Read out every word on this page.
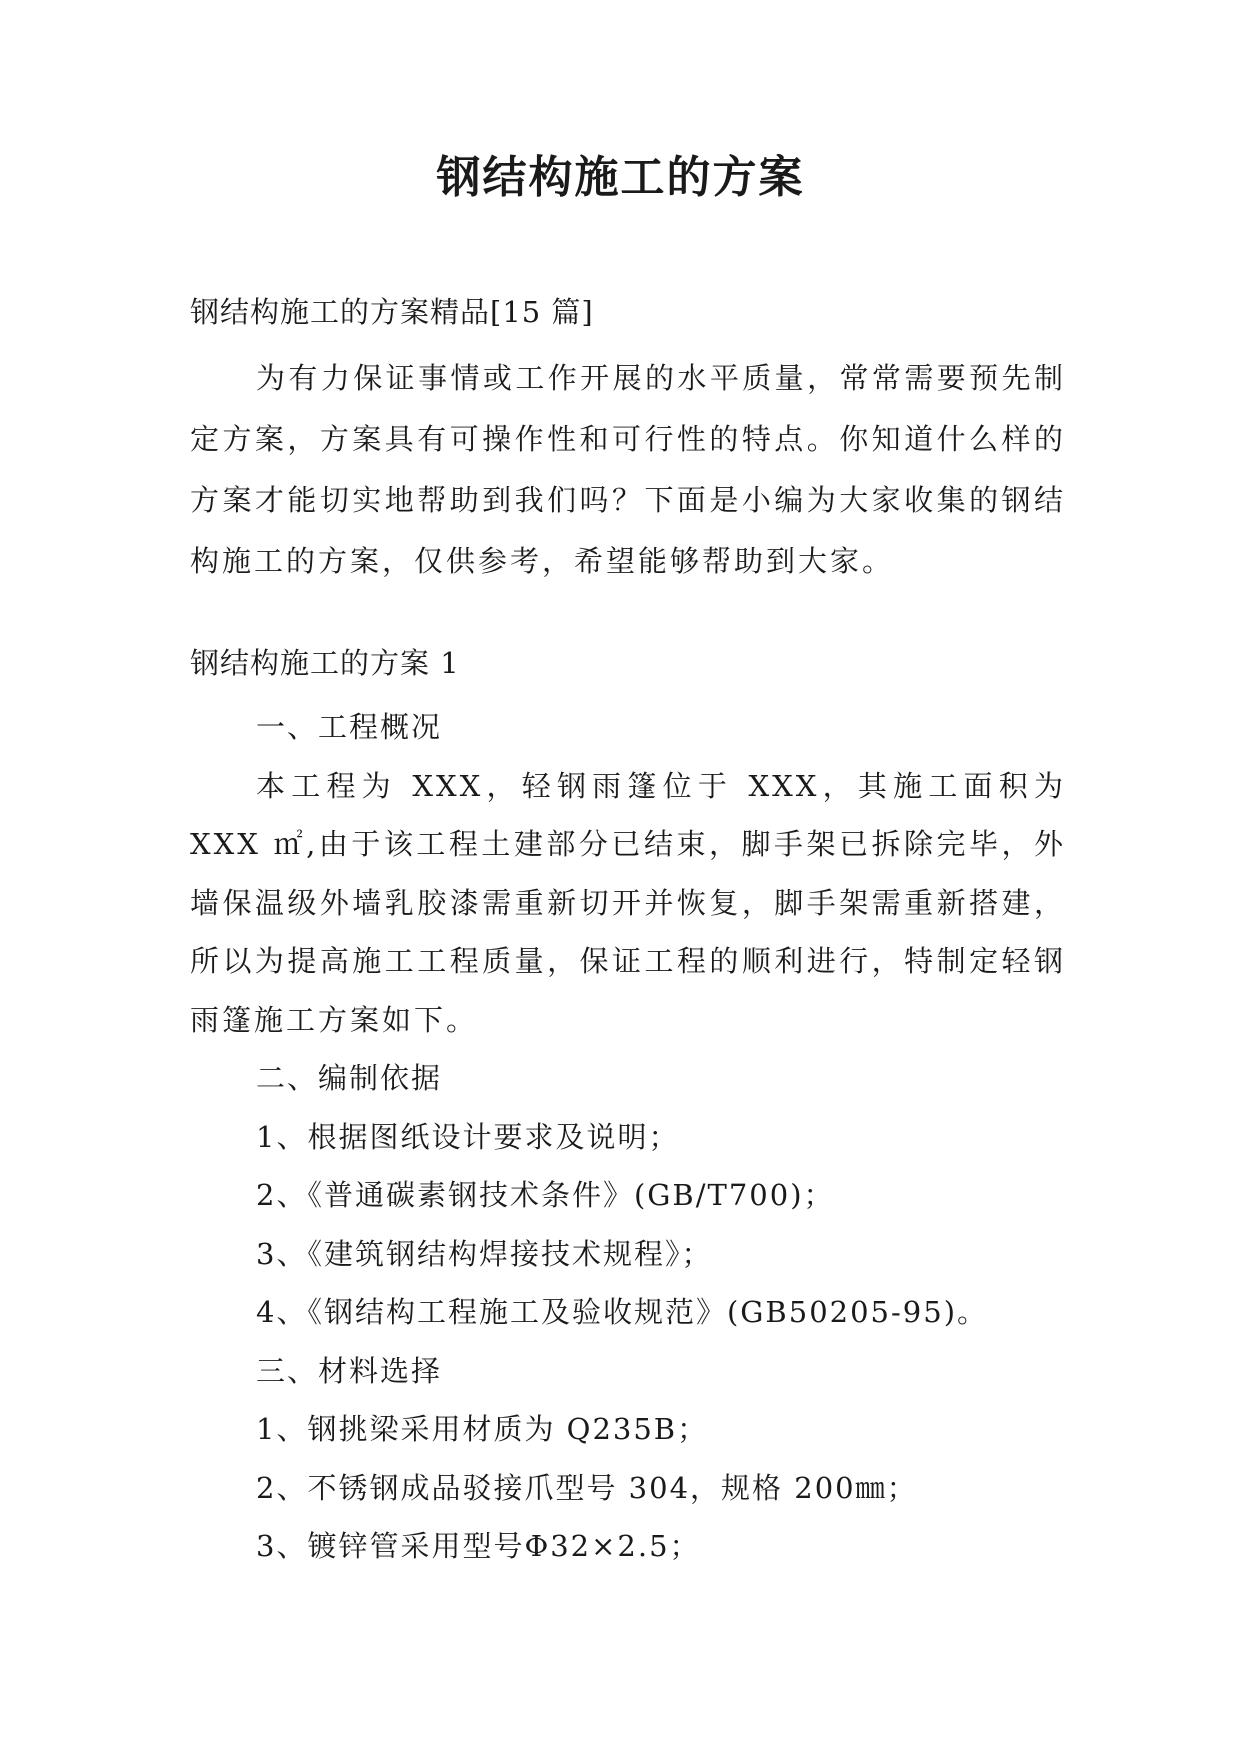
钢结构施工的方案
钢结构施工的方案精品[15 篇]
为有力保证事情或工作开展的水平质量，常常需要预先制定方案，方案具有可操作性和可行性的特点。你知道什么样的方案才能切实地帮助到我们吗？下面是小编为大家收集的钢结构施工的方案，仅供参考，希望能够帮助到大家。
钢结构施工的方案 1
一、工程概况
本工程为 XXX，轻钢雨篷位于 XXX，其施工面积为 XXX ㎡,由于该工程土建部分已结束，脚手架已拆除完毕，外墙保温级外墙乳胶漆需重新切开并恢复，脚手架需重新搭建，所以为提高施工工程质量，保证工程的顺利进行，特制定轻钢雨篷施工方案如下。
二、编制依据
1、根据图纸设计要求及说明；
2、《普通碳素钢技术条件》(GB/T700)；
3、《建筑钢结构焊接技术规程》；
4、《钢结构工程施工及验收规范》(GB50205-95)。
三、材料选择
1、钢挑梁采用材质为 Q235B；
2、不锈钢成品驳接爪型号 304，规格 200㎜；
3、镀锌管采用型号Φ32×2.5；
